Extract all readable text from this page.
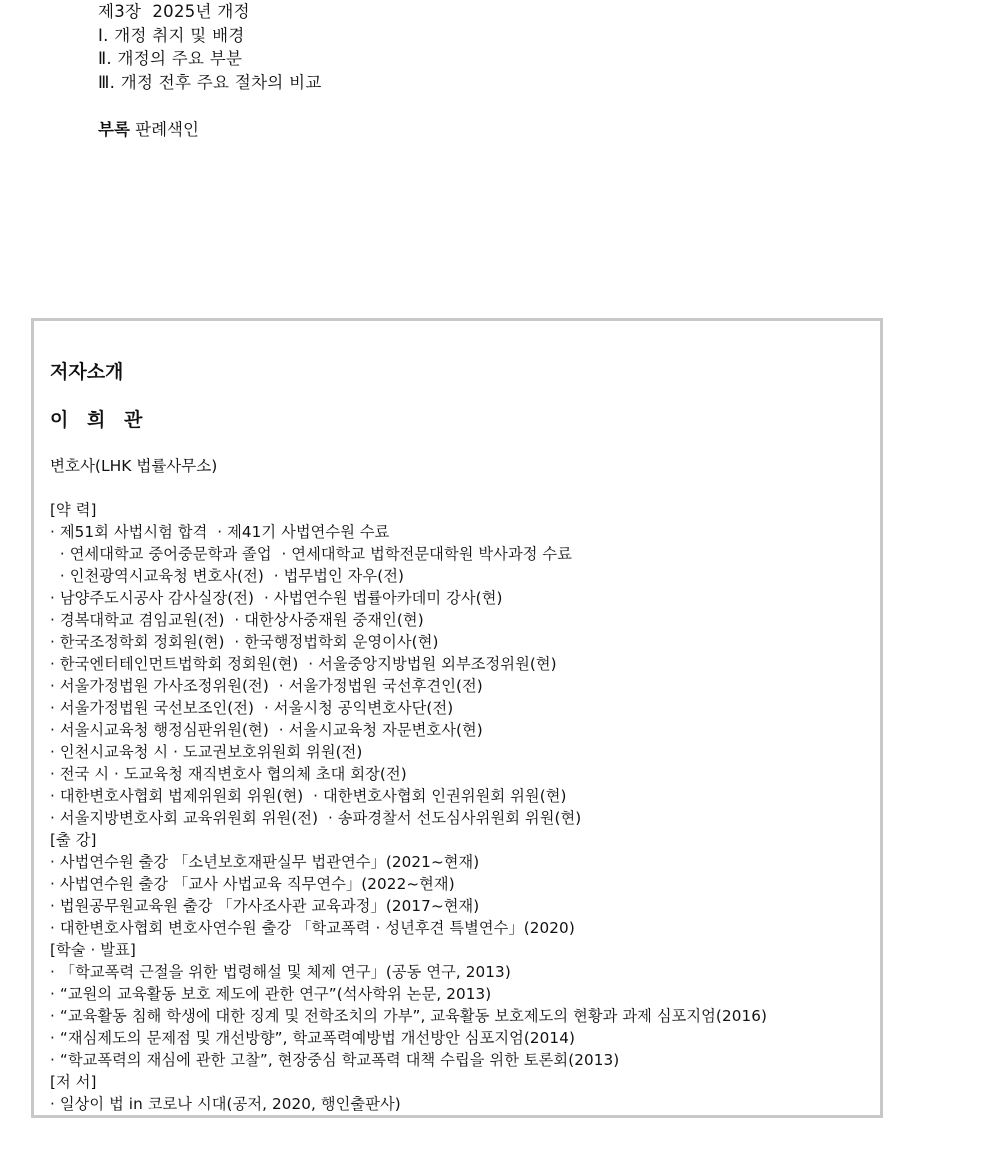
제3장  2025년 개정
Ⅰ. 개정 취지 및 배경
Ⅱ. 개정의 주요 부분
Ⅲ. 개정 전후 주요 절차의 비교
부록 판례색인
저자소개
이 희 관
변호사(LHK 법률사무소)
[약 력]
· 제51회 사법시험 합격  · 제41기 사법연수원 수료
· 연세대학교 중어중문학과 졸업  · 연세대학교 법학전문대학원 박사과정 수료
· 인천광역시교육청 변호사(전)  · 법무법인 자우(전)
· 남양주도시공사 감사실장(전)  · 사법연수원 법률아카데미 강사(현)
· 경복대학교 겸임교원(전)  · 대한상사중재원 중재인(현)
· 한국조정학회 정회원(현)  · 한국행정법학회 운영이사(현)
· 한국엔터테인먼트법학회 정회원(현)  · 서울중앙지방법원 외부조정위원(현)
· 서울가정법원 가사조정위원(전)  · 서울가정법원 국선후견인(전)
· 서울가정법원 국선보조인(전)  · 서울시청 공익변호사단(전)
· 서울시교육청 행정심판위원(현)  · 서울시교육청 자문변호사(현)
· 인천시교육청 시 · 도교권보호위원회 위원(전)
· 전국 시 · 도교육청 재직변호사 협의체 초대 회장(전)
· 대한변호사협회 법제위원회 위원(현)  · 대한변호사협회 인권위원회 위원(현)
· 서울지방변호사회 교육위원회 위원(전)  · 송파경찰서 선도심사위원회 위원(현)
[출 강]
· 사법연수원 출강 「소년보호재판실무 법관연수」(2021~현재)
· 사법연수원 출강 「교사 사법교육 직무연수」(2022~현재)
· 법원공무원교육원 출강 「가사조사관 교육과정」(2017~현재)
· 대한변호사협회 변호사연수원 출강 「학교폭력 · 성년후견 특별연수」(2020)
[학술 · 발표]
· 「학교폭력 근절을 위한 법령해설 및 체제 연구」(공동 연구, 2013)
· “교원의 교육활동 보호 제도에 관한 연구”(석사학위 논문, 2013)
· “교육활동 침해 학생에 대한 징계 및 전학조치의 가부”, 교육활동 보호제도의 현황과 과제 심포지엄(2016)
· “재심제도의 문제점 및 개선방향”, 학교폭력예방법 개선방안 심포지엄(2014)
· “학교폭력의 재심에 관한 고찰”, 현장중심 학교폭력 대책 수립을 위한 토론회(2013)
[저 서]
· 일상이 법 in 코로나 시대(공저, 2020, 행인출판사)
